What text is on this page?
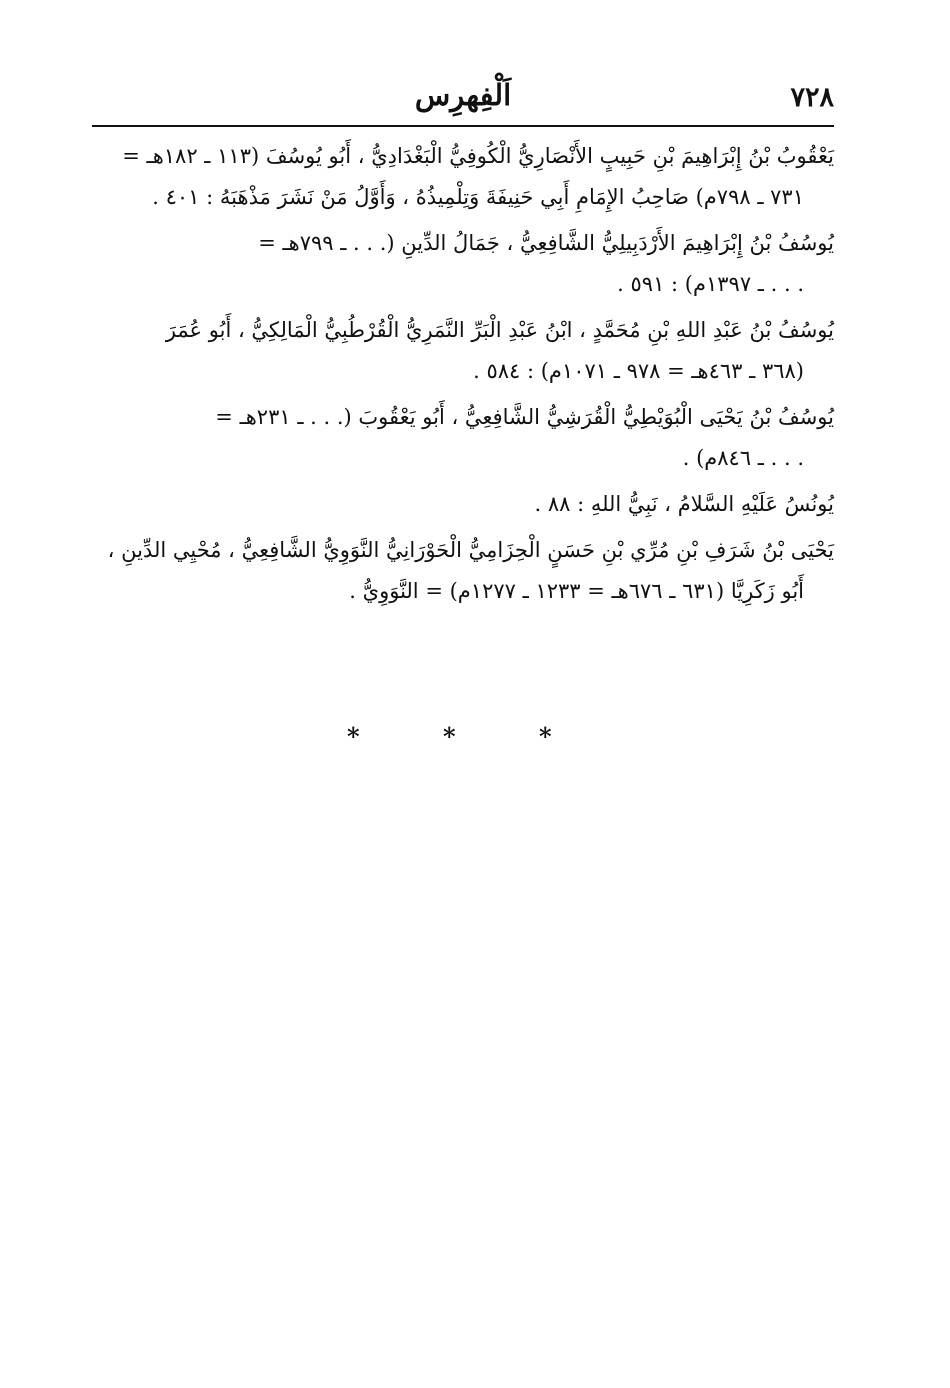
٧٢٨
اَلْفِهرِس
يَعْقُوبُ بْنُ إِبْرَاهِيمَ بْنِ حَبِيبٍ الأَنْصَارِيُّ الْكُوفِيُّ الْبَغْدَادِيُّ ، أَبُو يُوسُفَ (١١٣ ـ ١٨٢هـ =
٧٣١ ـ ٧٩٨م) صَاحِبُ الإِمَامِ أَبِي حَنِيفَةَ وَتِلْمِيذُهُ ، وَأَوَّلُ مَنْ نَشَرَ مَذْهَبَهُ : ٤٠١ .
يُوسُفُ بْنُ إِبْرَاهِيمَ الأَرْدَبِيلِيُّ الشَّافِعِيُّ ، جَمَالُ الدِّينِ (. . . ـ ٧٩٩هـ =
. . . ـ ١٣٩٧م) : ٥٩١ .
يُوسُفُ بْنُ عَبْدِ اللهِ بْنِ مُحَمَّدٍ ، ابْنُ عَبْدِ الْبَرِّ النَّمَرِيُّ الْقُرْطُبِيُّ الْمَالِكِيُّ ، أَبُو عُمَرَ
(٣٦٨ ـ ٤٦٣هـ = ٩٧٨ ـ ١٠٧١م) : ٥٨٤ .
يُوسُفُ بْنُ يَحْيَى الْبُوَيْطِيُّ الْقُرَشِيُّ الشَّافِعِيُّ ، أَبُو يَعْقُوبَ (. . . ـ ٢٣١هـ =
. . . ـ ٨٤٦م) .
يُونُسُ عَلَيْهِ السَّلامُ ، نَبِيُّ اللهِ : ٨٨ .
يَحْيَى بْنُ شَرَفِ بْنِ مُرِّي بْنِ حَسَنٍ الْحِزَامِيُّ الْحَوْرَانِيُّ النَّوَوِيُّ الشَّافِعِيُّ ، مُحْيِي الدِّينِ ،
أَبُو زَكَرِيَّا (٦٣١ ـ ٦٧٦هـ = ١٢٣٣ ـ ١٢٧٧م) = النَّوَوِيُّ .
*	*	*
